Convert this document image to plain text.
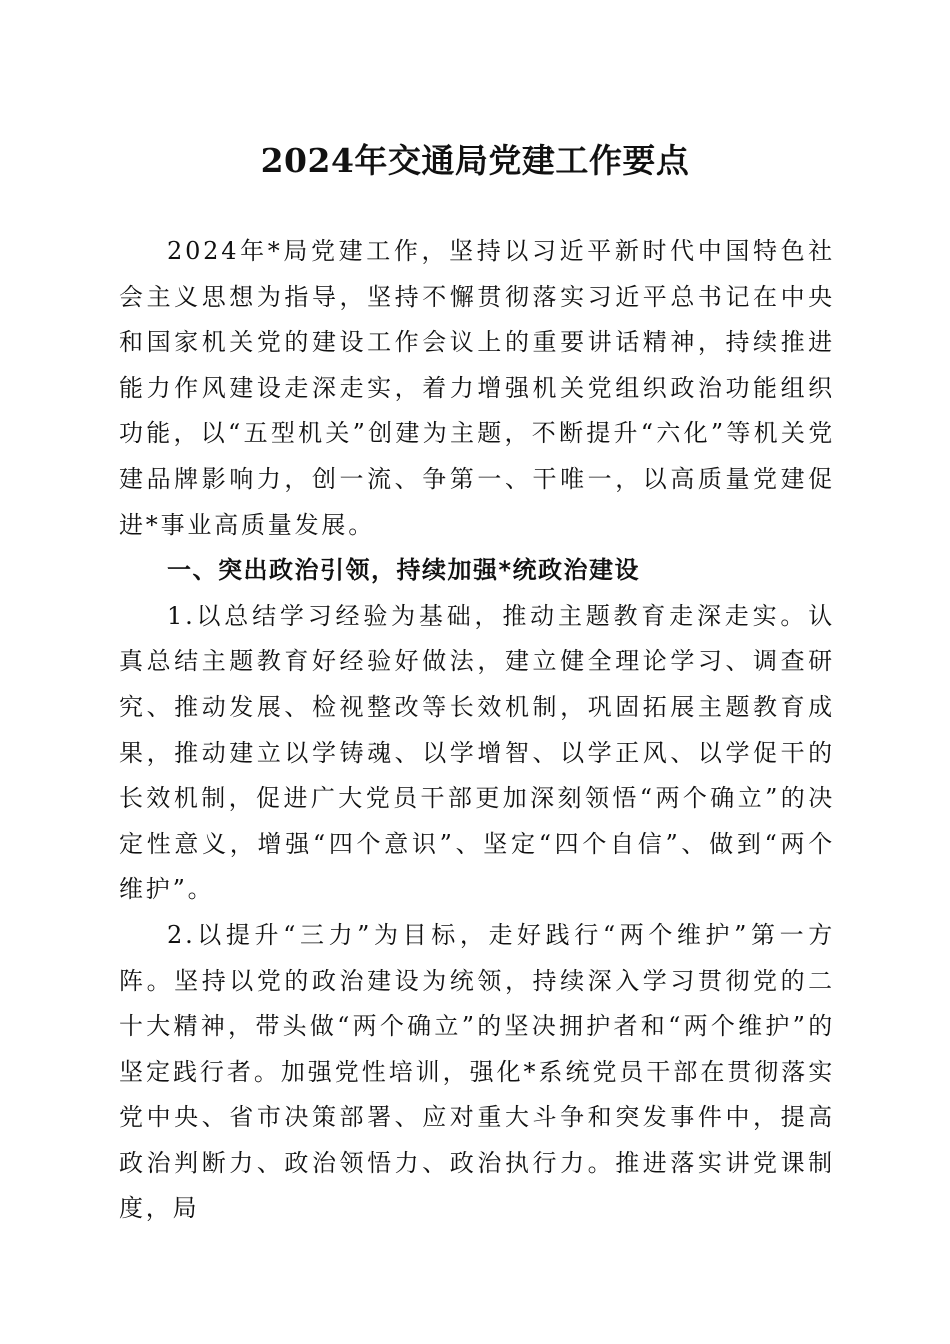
2024年交通局党建工作要点

2024年*局党建工作，坚持以习近平新时代中国特色社会主义思想为指导，坚持不懈贯彻落实习近平总书记在中央和国家机关党的建设工作会议上的重要讲话精神，持续推进能力作风建设走深走实，着力增强机关党组织政治功能组织功能，以“五型机关”创建为主题，不断提升“六化”等机关党建品牌影响力，创一流、争第一、干唯一，以高质量党建促进*事业高质量发展。

一、突出政治引领，持续加强*统政治建设

1.以总结学习经验为基础，推动主题教育走深走实。认真总结主题教育好经验好做法，建立健全理论学习、调查研究、推动发展、检视整改等长效机制，巩固拓展主题教育成果，推动建立以学铸魂、以学增智、以学正风、以学促干的长效机制，促进广大党员干部更加深刻领悟“两个确立”的决定性意义，增强“四个意识”、坚定“四个自信”、做到“两个维护”。

2.以提升“三力”为目标，走好践行“两个维护”第一方阵。坚持以党的政治建设为统领，持续深入学习贯彻党的二十大精神，带头做“两个确立”的坚决拥护者和“两个维护”的坚定践行者。加强党性培训，强化*系统党员干部在贯彻落实党中央、省市决策部署、应对重大斗争和突发事件中，提高政治判断力、政治领悟力、政治执行力。推进落实讲党课制度，局
